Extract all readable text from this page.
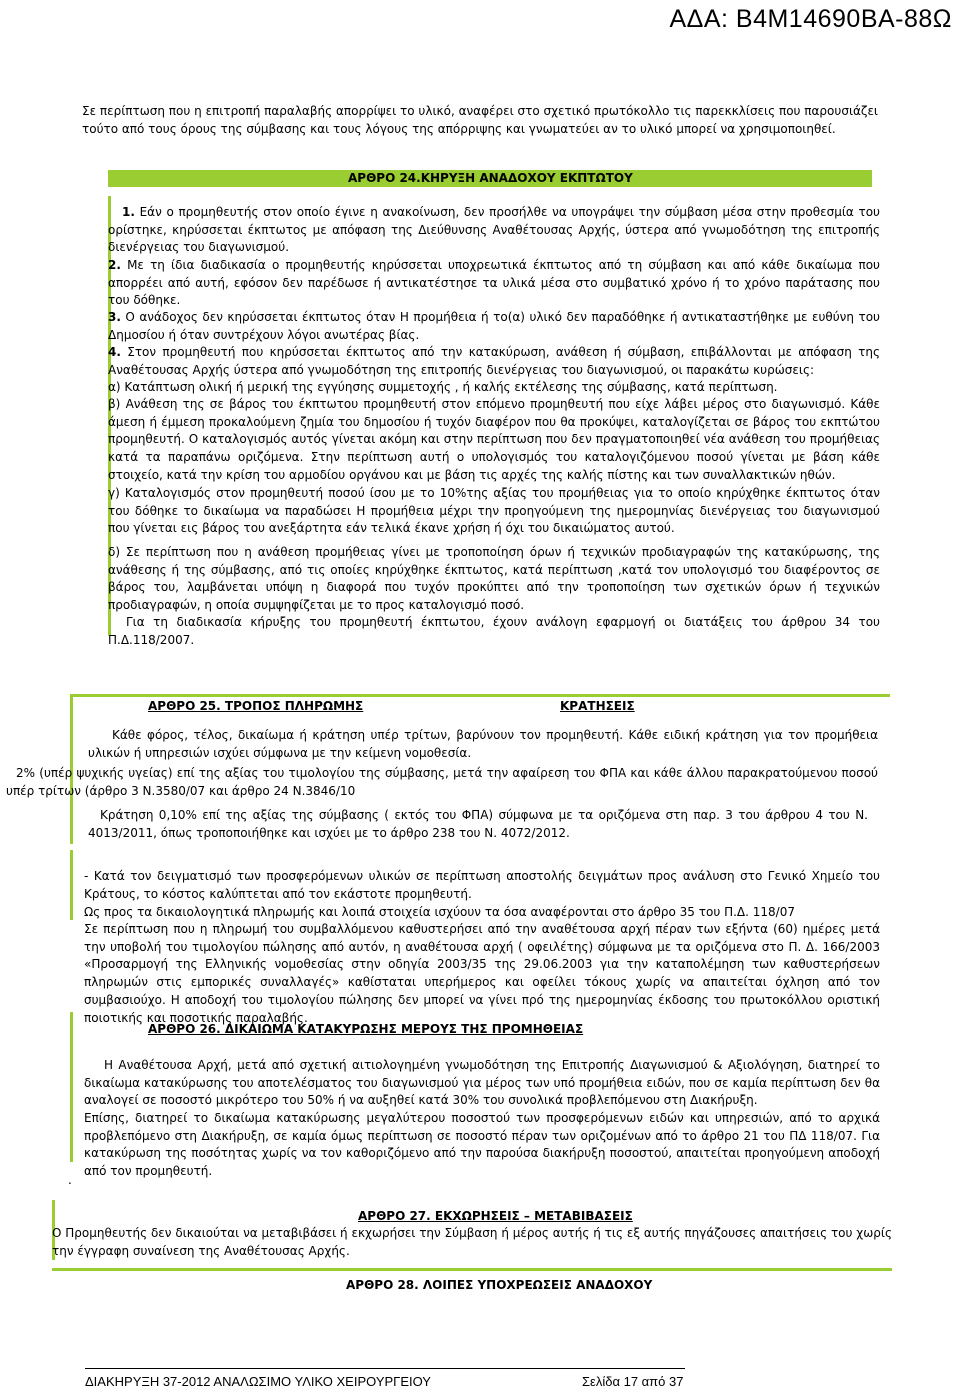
ΑΔΑ: Β4Μ14690ΒΑ-88Ω

Σε περίπτωση που η επιτροπή παραλαβής απορρίψει το υλικό, αναφέρει στο σχετικό πρωτόκολλο τις παρεκκλίσεις που παρουσιάζει τούτο από τους όρους της σύμβασης και τους λόγους της απόρριψης και γνωματεύει αν το υλικό μπορεί να χρησιμοποιηθεί.

ΑΡΘΡΟ 24.ΚΗΡΥΞΗ ΑΝΑΔΟΧΟΥ ΕΚΠΤΩΤΟΥ

1. Εάν ο προμηθευτής στον οποίο έγινε η ανακοίνωση, δεν προσήλθε να υπογράψει την σύμβαση μέσα στην προθεσμία του ορίστηκε, κηρύσσεται έκπτωτος με απόφαση της Διεύθυνσης Αναθέτουσας Αρχής, ύστερα από γνωμοδότηση της επιτροπής διενέργειας του διαγωνισμού.

2. Με τη ίδια διαδικασία ο προμηθευτής κηρύσσεται υποχρεωτικά έκπτωτος από τη σύμβαση και από κάθε δικαίωμα που απορρέει από αυτή, εφόσον δεν παρέδωσε ή αντικατέστησε τα υλικά μέσα στο συμβατικό χρόνο ή το χρόνο παράτασης που του δόθηκε.

3. Ο ανάδοχος δεν κηρύσσεται έκπτωτος όταν Η προμήθεια ή το(α) υλικό δεν παραδόθηκε ή αντικαταστήθηκε με ευθύνη του Δημοσίου ή όταν συντρέχουν λόγοι ανωτέρας βίας.

4. Στον προμηθευτή που κηρύσσεται έκπτωτος από την κατακύρωση, ανάθεση ή σύμβαση, επιβάλλονται με απόφαση της Αναθέτουσας Αρχής ύστερα από γνωμοδότηση της επιτροπής διενέργειας του διαγωνισμού, οι παρακάτω κυρώσεις:

α) Κατάπτωση ολική ή μερική της εγγύησης συμμετοχής , ή καλής εκτέλεσης της σύμβασης, κατά περίπτωση.

β) Ανάθεση της σε βάρος του έκπτωτου προμηθευτή στον επόμενο προμηθευτή που είχε λάβει μέρος στο διαγωνισμό. Κάθε άμεση ή έμμεση προκαλούμενη ζημία του δημοσίου ή τυχόν διαφέρον που θα προκύψει, καταλογίζεται σε βάρος του εκπτώτου προμηθευτή. Ο καταλογισμός αυτός γίνεται ακόμη και στην περίπτωση που δεν πραγματοποιηθεί νέα ανάθεση του προμήθειας κατά τα παραπάνω οριζόμενα. Στην περίπτωση αυτή ο υπολογισμός του καταλογιζόμενου ποσού γίνεται με βάση κάθε στοιχείο, κατά την κρίση του αρμοδίου οργάνου και με βάση τις αρχές της καλής πίστης και των συναλλακτικών ηθών.

γ) Καταλογισμός στον προμηθευτή ποσού ίσου με το 10%της αξίας του προμήθειας για το οποίο κηρύχθηκε έκπτωτος όταν του δόθηκε το δικαίωμα να παραδώσει Η προμήθεια μέχρι την προηγούμενη της ημερομηνίας διενέργειας του διαγωνισμού που γίνεται εις βάρος του ανεξάρτητα εάν τελικά έκανε χρήση ή όχι του δικαιώματος αυτού.

δ) Σε περίπτωση που η ανάθεση προμήθειας γίνει με τροποποίηση όρων ή τεχνικών προδιαγραφών της κατακύρωσης, της ανάθεσης ή της σύμβασης, από τις οποίες κηρύχθηκε έκπτωτος, κατά περίπτωση ,κατά τον υπολογισμό του διαφέροντος σε βάρος του, λαμβάνεται υπόψη η διαφορά που τυχόν προκύπτει από την τροποποίηση των σχετικών όρων ή τεχνικών προδιαγραφών, η οποία συμψηφίζεται με το προς καταλογισμό ποσό.

Για τη διαδικασία κήρυξης του προμηθευτή έκπτωτου, έχουν ανάλογη εφαρμογή οι διατάξεις του άρθρου 34 του Π.Δ.118/2007.

ΑΡΘΡΟ 25. ΤΡΟΠΟΣ ΠΛΗΡΩΜΗΣ	ΚΡΑΤΗΣΕΙΣ

Κάθε φόρος, τέλος, δικαίωμα ή κράτηση υπέρ τρίτων, βαρύνουν τον προμηθευτή. Κάθε ειδική κράτηση για τον προμήθεια υλικών ή υπηρεσιών ισχύει σύμφωνα με την κείμενη νομοθεσία.

2% (υπέρ ψυχικής υγείας) επί της αξίας του τιμολογίου της σύμβασης, μετά την αφαίρεση του ΦΠΑ και κάθε άλλου παρακρατούμενου ποσού υπέρ τρίτων (άρθρο 3 Ν.3580/07 και άρθρο 24 Ν.3846/10

Κράτηση 0,10% επί της αξίας της σύμβασης ( εκτός του ΦΠΑ) σύμφωνα με τα οριζόμενα στη παρ. 3 του άρθρου 4 του Ν. 4013/2011, όπως τροποποιήθηκε και ισχύει με το άρθρο 238 του Ν. 4072/2012.

- Κατά τον δειγματισμό των προσφερόμενων υλικών σε περίπτωση αποστολής δειγμάτων προς ανάλυση στο Γενικό Χημείο του Κράτους, το κόστος καλύπτεται από τον εκάστοτε προμηθευτή.

Ως προς τα δικαιολογητικά πληρωμής και λοιπά στοιχεία ισχύουν τα όσα αναφέρονται στο άρθρο 35 του Π.Δ. 118/07

Σε περίπτωση που η πληρωμή του συμβαλλόμενου καθυστερήσει από την αναθέτουσα αρχή πέραν των εξήντα (60) ημέρες μετά την υποβολή του τιμολογίου πώλησης από αυτόν, η αναθέτουσα αρχή ( οφειλέτης) σύμφωνα με τα οριζόμενα στο Π. Δ. 166/2003 «Προσαρμογή της Ελληνικής νομοθεσίας στην οδηγία 2003/35 της 29.06.2003 για την καταπολέμηση των καθυστερήσεων πληρωμών στις εμπορικές συναλλαγές» καθίσταται υπερήμερος και οφείλει τόκους χωρίς να απαιτείται όχληση από τον συμβασιούχο. Η αποδοχή του τιμολογίου πώλησης δεν μπορεί να γίνει πρό της ημερομηνίας έκδοσης του πρωτοκόλλου οριστική ποιοτικής και ποσοτικής παραλαβής.

ΑΡΘΡΟ 26. ΔΙΚΑΙΩΜΑ ΚΑΤΑΚΥΡΩΣΗΣ ΜΕΡΟΥΣ ΤΗΣ ΠΡΟΜΗΘΕΙΑΣ

Η Αναθέτουσα Αρχή, μετά από σχετική αιτιολογημένη γνωμοδότηση της Επιτροπής Διαγωνισμού & Αξιολόγηση, διατηρεί το δικαίωμα κατακύρωσης του αποτελέσματος του διαγωνισμού για μέρος των υπό προμήθεια ειδών, που σε καμία περίπτωση δεν θα αναλογεί σε ποσοστό μικρότερο του 50% ή να αυξηθεί κατά 30% του συνολικά προβλεπόμενου στη Διακήρυξη.

Επίσης, διατηρεί το δικαίωμα κατακύρωσης μεγαλύτερου ποσοστού των προσφερόμενων ειδών και υπηρεσιών, από το αρχικά προβλεπόμενο στη Διακήρυξη, σε καμία όμως περίπτωση σε ποσοστό πέραν των οριζομένων από το άρθρο 21 του ΠΔ 118/07. Για κατακύρωση της ποσότητας χωρίς να τον καθοριζόμενο από την παρούσα διακήρυξη ποσοστού, απαιτείται προηγούμενη αποδοχή από τον προμηθευτή.

.
ΑΡΘΡΟ 27. ΕΚΧΩΡΗΣΕΙΣ – ΜΕΤΑΒΙΒΑΣΕΙΣ

Ο Προμηθευτής δεν δικαιούται να μεταβιβάσει ή εκχωρήσει την Σύμβαση ή μέρος αυτής ή τις εξ αυτής πηγάζουσες απαιτήσεις του χωρίς την έγγραφη συναίνεση της Αναθέτουσας Αρχής.

ΑΡΘΡΟ 28. ΛΟΙΠΕΣ ΥΠΟΧΡΕΩΣΕΙΣ ΑΝΑΔΟΧΟΥ
ΔΙΑΚΗΡΥΞΗ 37-2012 ΑΝΑΛΩΣΙΜΟ ΥΛΙΚΟ ΧΕΙΡΟΥΡΓΕΙΟΥ	Σελίδα 17 από 37
